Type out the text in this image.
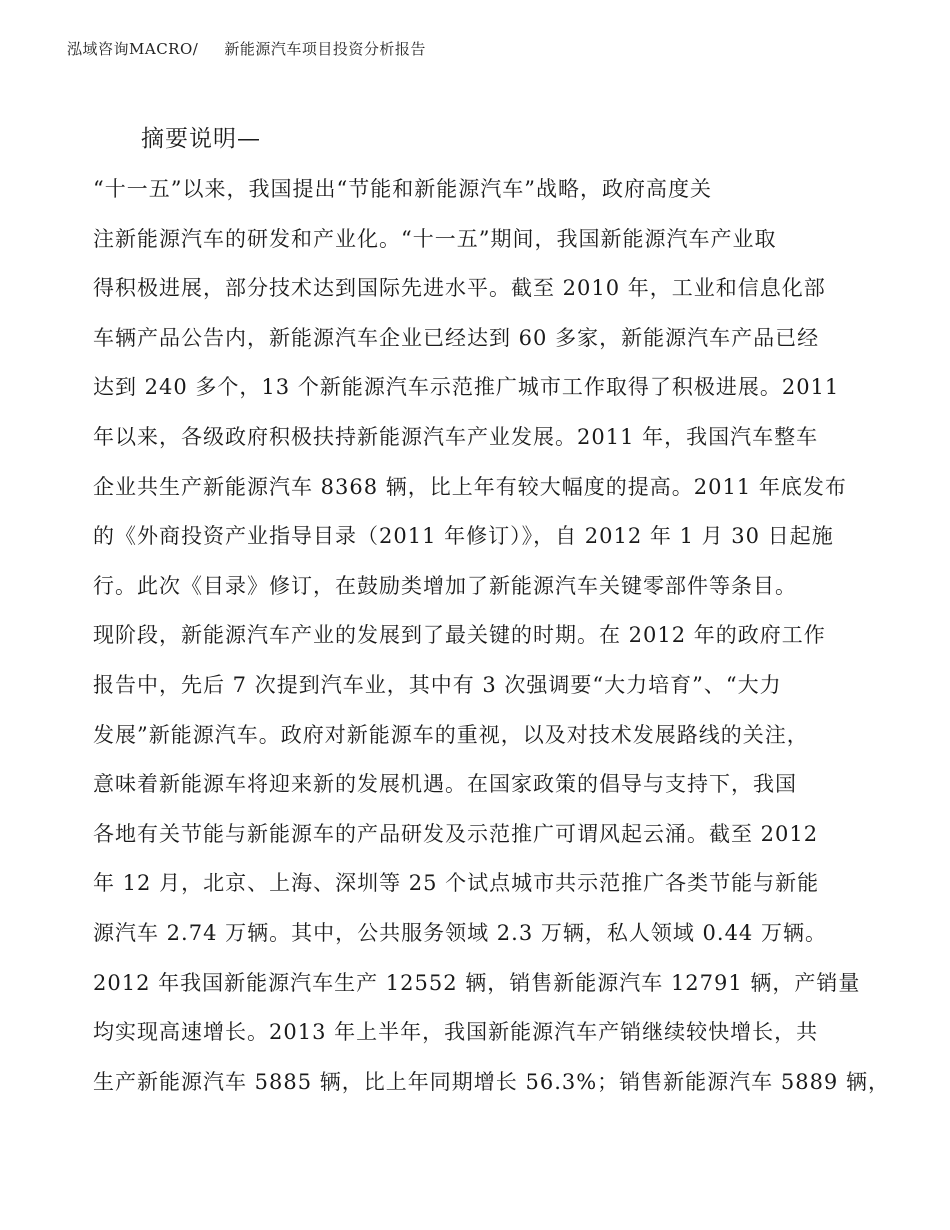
泓域咨询MACRO/ 新能源汽车项目投资分析报告
摘要说明—
“十一五”以来，我国提出“节能和新能源汽车”战略，政府高度关
注新能源汽车的研发和产业化。“十一五”期间，我国新能源汽车产业取
得积极进展，部分技术达到国际先进水平。截至 2010 年，工业和信息化部
车辆产品公告内，新能源汽车企业已经达到 60 多家，新能源汽车产品已经
达到 240 多个，13 个新能源汽车示范推广城市工作取得了积极进展。2011
年以来，各级政府积极扶持新能源汽车产业发展。2011 年，我国汽车整车
企业共生产新能源汽车 8368 辆，比上年有较大幅度的提高。2011 年底发布
的《外商投资产业指导目录（2011 年修订）》，自 2012 年 1 月 30 日起施
行。此次《目录》修订，在鼓励类增加了新能源汽车关键零部件等条目。
现阶段，新能源汽车产业的发展到了最关键的时期。在 2012 年的政府工作
报告中，先后 7 次提到汽车业，其中有 3 次强调要“大力培育”、“大力
发展”新能源汽车。政府对新能源车的重视，以及对技术发展路线的关注，
意味着新能源车将迎来新的发展机遇。在国家政策的倡导与支持下，我国
各地有关节能与新能源车的产品研发及示范推广可谓风起云涌。截至 2012
年 12 月，北京、上海、深圳等 25 个试点城市共示范推广各类节能与新能
源汽车 2.74 万辆。其中，公共服务领域 2.3 万辆，私人领域 0.44 万辆。
2012 年我国新能源汽车生产 12552 辆，销售新能源汽车 12791 辆，产销量
均实现高速增长。2013 年上半年，我国新能源汽车产销继续较快增长，共
生产新能源汽车 5885 辆，比上年同期增长 56.3%；销售新能源汽车 5889 辆，
